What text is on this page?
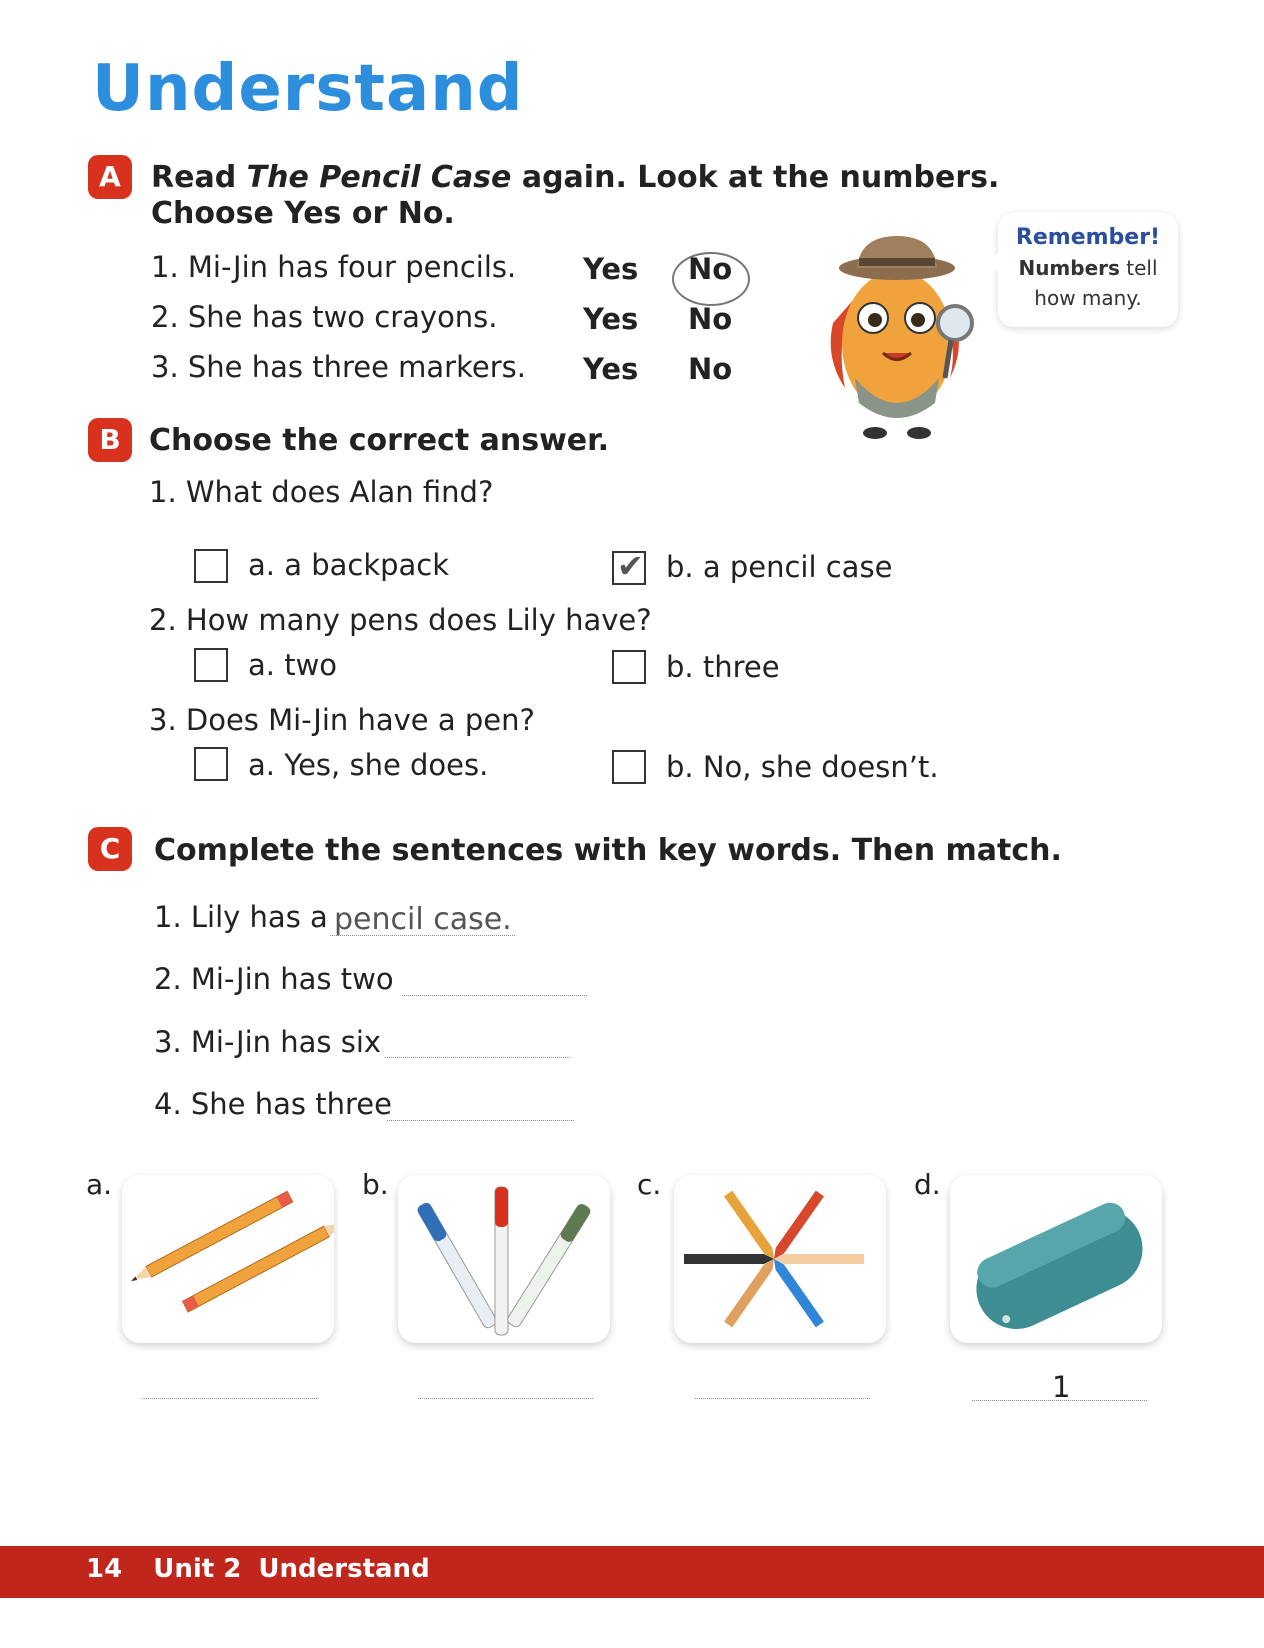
Understand
A	Read The Pencil Case again. Look at the numbers.
Choose Yes or No.
1. Mi-Jin has four pencils. Yes No
2. She has two crayons.	Yes No
3. She has three markers. Yes No
Remember!
Numbers tell
how many.
B Choose the correct answer.
1. What does Alan find?
a. a backpack	✔ b. a pencil case
2. How many pens does Lily have?
a. two	b. three
3. Does Mi-Jin have a pen?
a. Yes, she does.	b. No, she doesn’t.
C	Complete the sentences with key words. Then match.
1. Lily has a pencil case.
2. Mi-Jin has two
3. Mi-Jin has six
4. She has three
a.	b.	c.	d.
1
14 Unit 2 Understand
